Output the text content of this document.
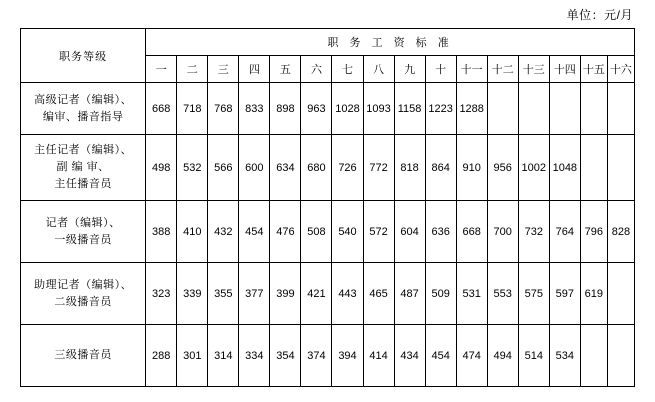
单位：元/月
职务等级	职 务 工 资 标 准															
	一	二	三	四	五	六	七	八	九	十	十一	十二	十三	十四	十五	十六

高级记者（编辑）、
编审、播音指导	668	718	768	833	898	963	1028	1093	1158	1223	1288					

主任记者（编辑）、
副 编 审、
主任播音员	498	532	566	600	634	680	726	772	818	864	910	956	1002	1048		

记者（编辑）、
一级播音员	388	410	432	454	476	508	540	572	604	636	668	700	732	764	796	828

助理记者（编辑）、
二级播音员	323	339	355	377	399	421	443	465	487	509	531	553	575	597	619	

三级播音员	288	301	314	334	354	374	394	414	434	454	474	494	514	534		
